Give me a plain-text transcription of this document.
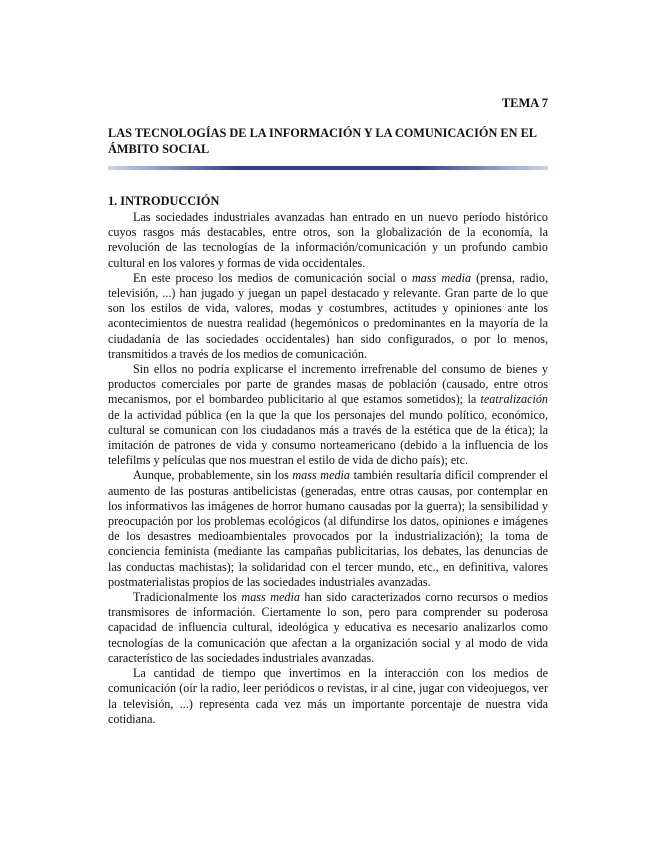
TEMA 7
LAS TECNOLOGÍAS DE LA INFORMACIÓN Y LA COMUNICACIÓN EN EL ÁMBITO SOCIAL
1. INTRODUCCIÓN

Las sociedades industriales avanzadas han entrado en un nuevo período histórico cuyos rasgos más destacables, entre otros, son la globalización de la economía, la revolución de las tecnologías de la información/comunicación y un profundo cambio cultural en los valores y formas de vida occidentales.

En este proceso los medios de comunicación social o mass media (prensa, radio, televisión, ...) han jugado y juegan un papel destacado y relevante. Gran parte de lo que son los estilos de vida, valores, modas y costumbres, actitudes y opiniones ante los acontecimientos de nuestra realidad (hegemónicos o predominantes en la mayoría de la ciudadanía de las sociedades occidentales) han sido configurados, o por lo menos, transmitidos a través de los medios de comunicación.

Sin ellos no podría explicarse el incremento irrefrenable del consumo de bienes y productos comerciales por parte de grandes masas de población (causado, entre otros mecanismos, por el bombardeo publicitario al que estamos sometidos); la teatralización de la actividad pública (en la que la que los personajes del mundo político, económico, cultural se comunican con los ciudadanos más a través de la estética que de la ética); la imitación de patrones de vida y consumo norteamericano (debido a la influencia de los telefilms y películas que nos muestran el estilo de vida de dicho país); etc.

Aunque, probablemente, sin los mass media también resultaría difícil comprender el aumento de las posturas antibelicistas (generadas, entre otras causas, por contemplar en los informativos las imágenes de horror humano causadas por la guerra); la sensibilidad y preocupación por los problemas ecológicos (al difundirse los datos, opiniones e imágenes de los desastres medioambientales provocados por la industrialización); la toma de conciencia feminista (mediante las campañas publicitarias, los debates, las denuncias de las conductas machistas); la solidaridad con el tercer mundo, etc., en definitiva, valores postmaterialistas propios de las sociedades industriales avanzadas.

Tradicionalmente los mass media han sido caracterizados corno recursos o medios transmisores de información. Ciertamente lo son, pero para comprender su poderosa capacidad de influencia cultural, ideológica y educativa es necesario analizarlos como tecnologías de la comunicación que afectan a la organización social y al modo de vida característico de las sociedades industriales avanzadas.

La cantidad de tiempo que invertimos en la interacción con los medios de comunicación (oír la radio, leer periódicos o revistas, ir al cine, jugar con videojuegos, ver la televisión, ...) representa cada vez más un importante porcentaje de nuestra vida cotidiana.
